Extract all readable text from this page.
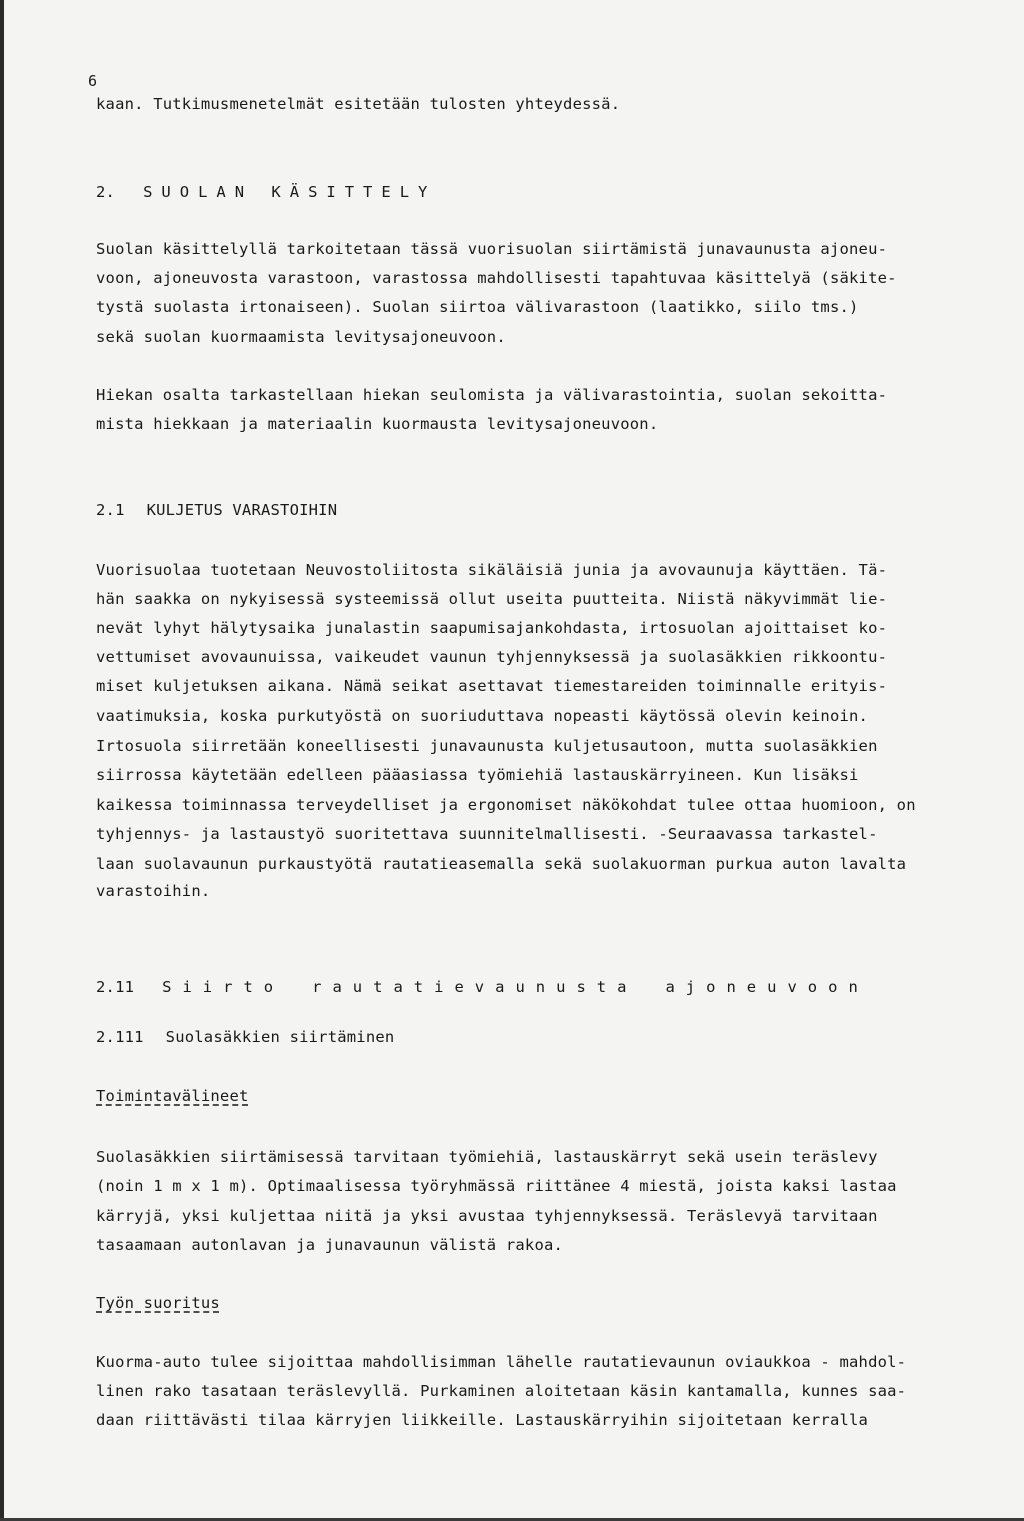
6
kaan. Tutkimusmenetelmät esitetään tulosten yhteydessä.
2. SUOLAN KÄSITTELY
Suolan käsittelyllä tarkoitetaan tässä vuorisuolan siirtämistä junavaunusta ajoneu-
voon, ajoneuvosta varastoon, varastossa mahdollisesti tapahtuvaa käsittelyä (säkite-
tystä suolasta irtonaiseen). Suolan siirtoa välivarastoon (laatikko, siilo tms.)
sekä suolan kuormaamista levitysajoneuvoon.
Hiekan osalta tarkastellaan hiekan seulomista ja välivarastointia, suolan sekoitta-
mista hiekkaan ja materiaalin kuormausta levitysajoneuvoon.
2.1 KULJETUS VARASTOIHIN
Vuorisuolaa tuotetaan Neuvostoliitosta sikäläisiä junia ja avovaunuja käyttäen. Tä-
hän saakka on nykyisessä systeemissä ollut useita puutteita. Niistä näkyvimmät lie-
nevät lyhyt hälytysaika junalastin saapumisajankohdasta, irtosuolan ajoittaiset ko-
vettumiset avovaunuissa, vaikeudet vaunun tyhjennyksessä ja suolasäkkien rikkoontu-
miset kuljetuksen aikana. Nämä seikat asettavat tiemestareiden toiminnalle erityis-
vaatimuksia, koska purkutyöstä on suoriuduttava nopeasti käytössä olevin keinoin.
Irtosuola siirretään koneellisesti junavaunusta kuljetusautoon, mutta suolasäkkien
siirrossa käytetään edelleen pääasiassa työmiehiä lastauskärryineen. Kun lisäksi
kaikessa toiminnassa terveydelliset ja ergonomiset näkökohdat tulee ottaa huomioon, on
tyhjennys- ja lastaustyö suoritettava suunnitelmallisesti. -Seuraavassa tarkastel-
laan suolavaunun purkaustyötä rautatieasemalla sekä suolakuorman purkua auton lavalta
varastoihin.
2.11 Siirto rautatievaunusta ajoneuvoon
2.111 Suolasäkkien siirtäminen
Toimintavälineet
Suolasäkkien siirtämisessä tarvitaan työmiehiä, lastauskärryt sekä usein teräslevy
(noin 1 m x 1 m). Optimaalisessa työryhmässä riittänee 4 miestä, joista kaksi lastaa
kärryjä, yksi kuljettaa niitä ja yksi avustaa tyhjennyksessä. Teräslevyä tarvitaan
tasaamaan autonlavan ja junavaunun välistä rakoa.
Työn suoritus
Kuorma-auto tulee sijoittaa mahdollisimman lähelle rautatievaunun oviaukkoa - mahdol-
linen rako tasataan teräslevyllä. Purkaminen aloitetaan käsin kantamalla, kunnes saa-
daan riittävästi tilaa kärryjen liikkeille. Lastauskärryihin sijoitetaan kerralla
